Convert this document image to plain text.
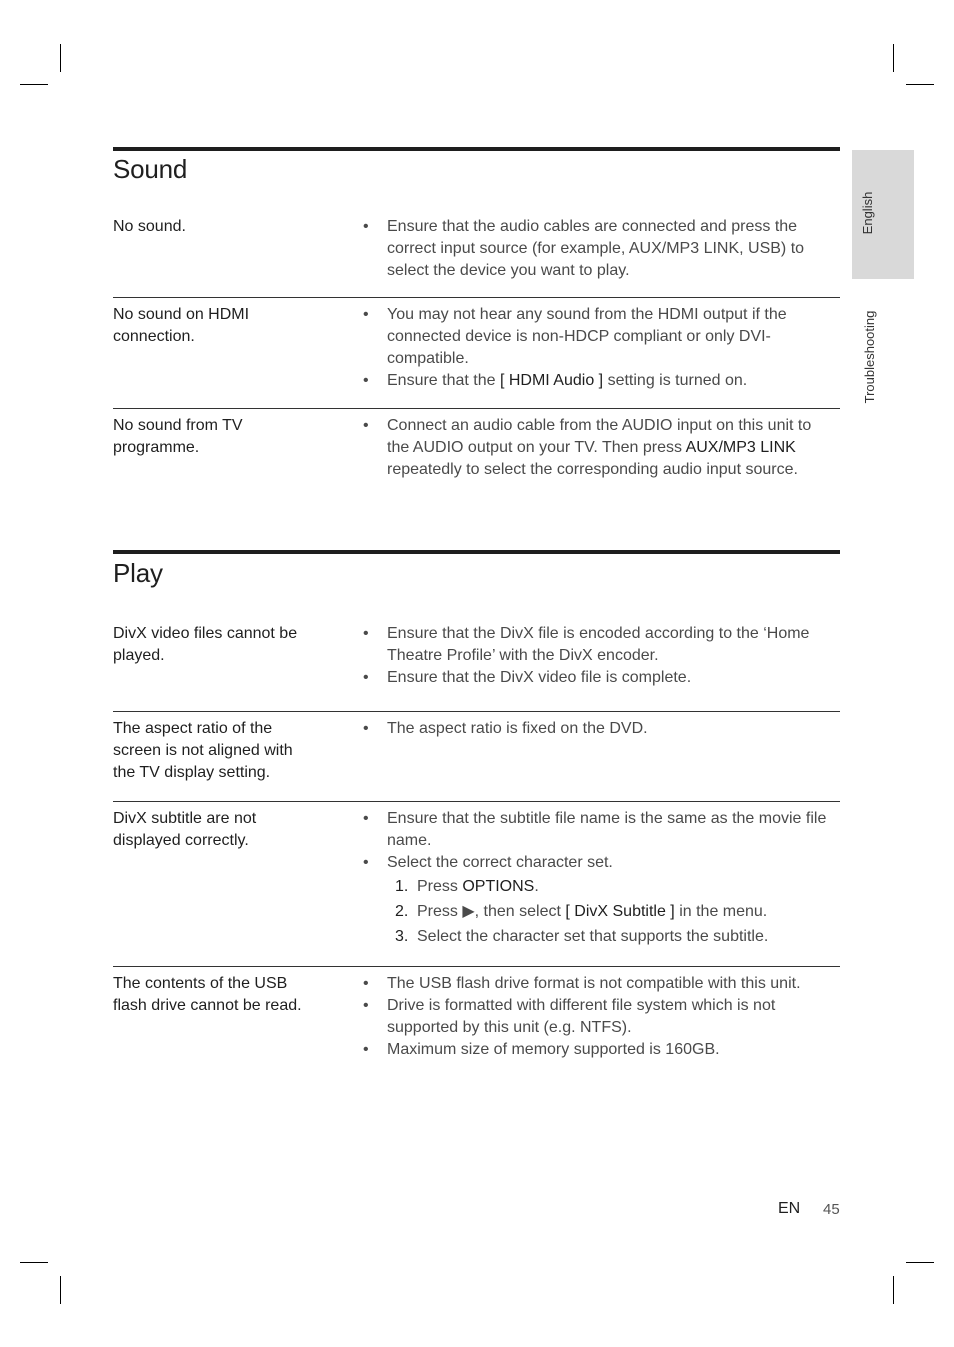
English
Troubleshooting
Sound
No sound.
•	Ensure that the audio cables are connected and press the correct input source (for example, AUX/MP3 LINK, USB) to select the device you want to play.
No sound on HDMI connection.
• You may not hear any sound from the HDMI output if the connected device is non-HDCP compliant or only DVI-compatible.
• Ensure that the [ HDMI Audio ] setting is turned on.
No sound from TV programme.
• Connect an audio cable from the AUDIO input on this unit to the AUDIO output on your TV. Then press AUX/MP3 LINK repeatedly to select the corresponding audio input source.
Play
DivX video files cannot be played.
• Ensure that the DivX file is encoded according to the ‘Home Theatre Profile’ with the DivX encoder.
• Ensure that the DivX video file is complete.
The aspect ratio of the screen is not aligned with the TV display setting.
• The aspect ratio is fixed on the DVD.
DivX subtitle are not displayed correctly.
• Ensure that the subtitle file name is the same as the movie file name.
• Select the correct character set.
1. Press OPTIONS.
2. Press ▶, then select [ DivX Subtitle ] in the menu.
3. Select the character set that supports the subtitle.
The contents of the USB flash drive cannot be read.
• The USB flash drive format is not compatible with this unit.
• Drive is formatted with different file system which is not supported by this unit (e.g. NTFS).
• Maximum size of memory supported is 160GB.
EN 45
